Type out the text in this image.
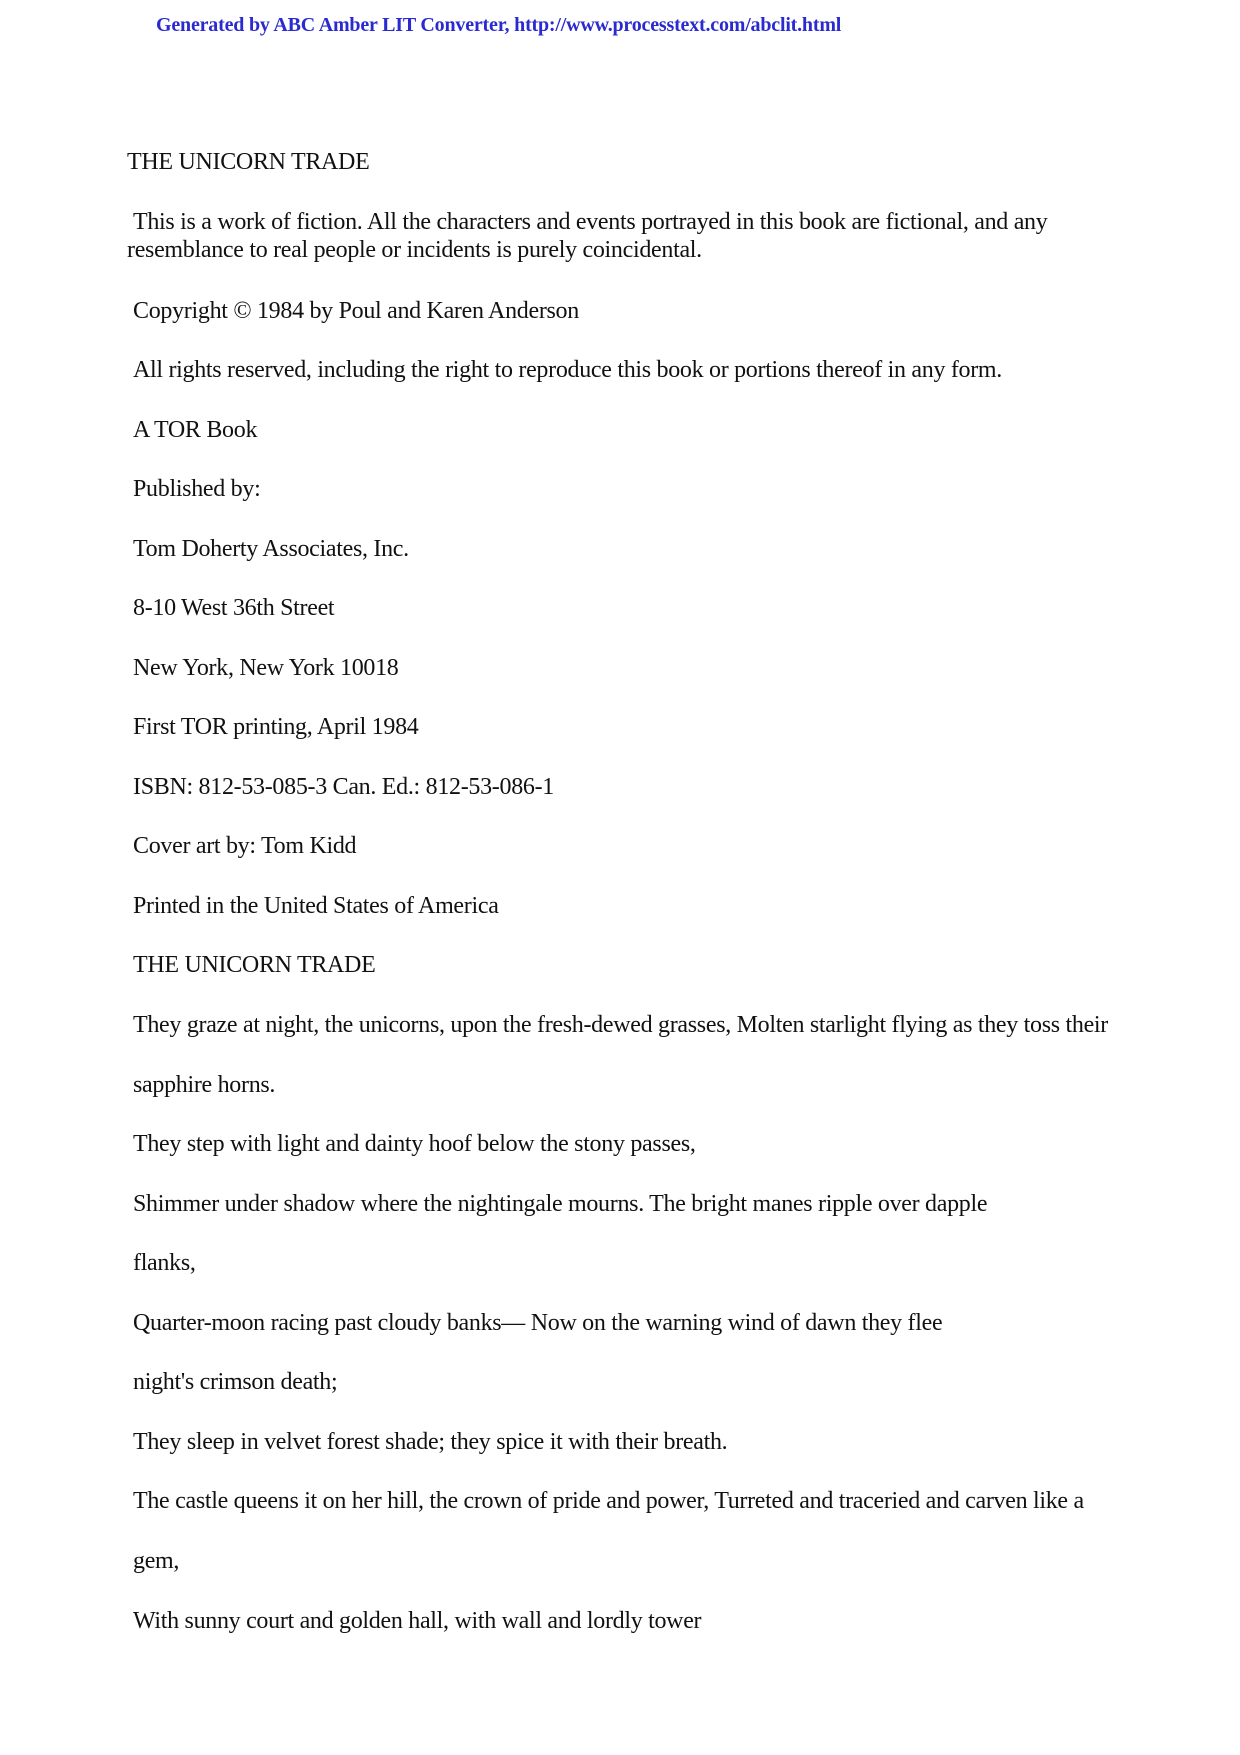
Generated by ABC Amber LIT Converter, http://www.processtext.com/abclit.html
THE UNICORN TRADE
This is a work of fiction. All the characters and events portrayed in this book are fictional, and any
resemblance to real people or incidents is purely coincidental.
Copyright © 1984 by Poul and Karen Anderson
All rights reserved, including the right to reproduce this book or portions thereof in any form.
A TOR Book
Published by:
Tom Doherty Associates, Inc.
8-10 West 36th Street
New York, New York 10018
First TOR printing, April 1984
ISBN: 812-53-085-3 Can. Ed.: 812-53-086-1
Cover art by: Tom Kidd
Printed in the United States of America
THE UNICORN TRADE
They graze at night, the unicorns, upon the fresh-dewed grasses, Molten starlight flying as they toss their
sapphire horns.
They step with light and dainty hoof below the stony passes,
Shimmer under shadow where the nightingale mourns. The bright manes ripple over dapple
flanks,
Quarter-moon racing past cloudy banks— Now on the warning wind of dawn they flee
night's crimson death;
They sleep in velvet forest shade; they spice it with their breath.
The castle queens it on her hill, the crown of pride and power, Turreted and traceried and carven like a
gem,
With sunny court and golden hall, with wall and lordly tower
